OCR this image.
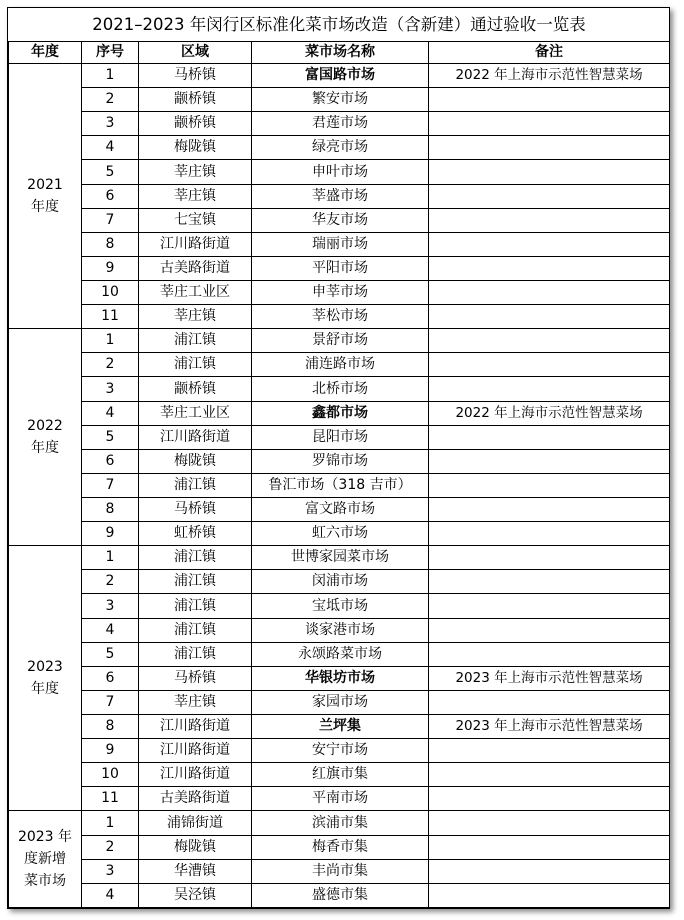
2021–2023 年闵行区标准化菜市场改造（含新建）通过验收一览表				
年度	序号	区域	菜市场名称	备注

2021
年度	1	马桥镇	富国路市场	2022 年上海市示范性智慧菜场
	2	颛桥镇	繁安市场	
	3	颛桥镇	君莲市场	
	4	梅陇镇	绿亮市场	
	5	莘庄镇	申叶市场	
	6	莘庄镇	莘盛市场	
	7	七宝镇	华友市场	
	8	江川路街道	瑞丽市场	
	9	古美路街道	平阳市场	
	10	莘庄工业区	申莘市场	
	11	莘庄镇	莘松市场	

2022
年度	1	浦江镇	景舒市场	
	2	浦江镇	浦连路市场	
	3	颛桥镇	北桥市场	
	4	莘庄工业区	鑫都市场	2022 年上海市示范性智慧菜场
	5	江川路街道	昆阳市场	
	6	梅陇镇	罗锦市场	
	7	浦江镇	鲁汇市场（318 吉市）	
	8	马桥镇	富文路市场	
	9	虹桥镇	虹六市场	

2023
年度	1	浦江镇	世博家园菜市场	
	2	浦江镇	闵浦市场	
	3	浦江镇	宝坻市场	
	4	浦江镇	谈家港市场	
	5	浦江镇	永颂路菜市场	
	6	马桥镇	华银坊市场	2023 年上海市示范性智慧菜场
	7	莘庄镇	家园市场	
	8	江川路街道	兰坪集	2023 年上海市示范性智慧菜场
	9	江川路街道	安宁市场	
	10	江川路街道	红旗市集	
	11	古美路街道	平南市场	

2023 年
度新增
菜市场	1	浦锦街道	滨浦市集	
	2	梅陇镇	梅香市集	
	3	华漕镇	丰尚市集	
	4	吴泾镇	盛德市集	
